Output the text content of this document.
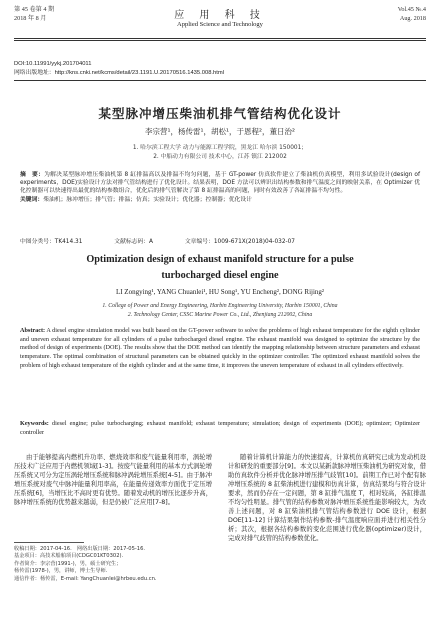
第 45 卷第 4 期
2018 年 8 月	应 用 科 技
Applied Science and Technology
Vol.45 №.4
Aug. 2018
DOI:10.11991/yykj.201704011
网络出版地址：http://kns.cnki.net/kcms/detail/23.1191.U.20170516.1435.008.html
某型脉冲增压柴油机排气管结构优化设计
李宗营¹，杨传雷¹，胡松¹，于恩程²，董日治²
1. 哈尔滨工程大学 动力与能源工程学院，黑龙江 哈尔滨 150001；
2. 中船动力有限公司 技术中心，江苏 镇江 212002
摘　要：为解决某型脉冲增压柴油机第 8 缸排温高以及排温不均匀问题，基于 GT-power 仿真软件建立了柴油机仿真模型，利用多试验设计(design of experiments，DOE)实验设计方法对排气管结构进行了优化设计。结果表明，DOE 方法可以辨识出结构参数和排气温度之间的映射关系，在 Optimizer 优化控制器可以快速得出最优的结构参数组合，优化后的排气管解决了第 8 缸排温高的问题，同时有效改善了各缸排温不均匀性。
关键词：柴油机；脉冲增压；排气管；排温；仿真；实验设计；优化器；控制器；优化设计
中图分类号：TK414.31	文献标志码：A	文章编号：1009-671X(2018)04-032-07
Optimization design of exhaust manifold structure for a pulse
turbocharged diesel engine
LI Zongying¹, YANG Chuanlei¹, HU Song¹, YU Encheng², DONG Rijing²
1. College of Power and Energy Engineering, Harbin Engineering University, Harbin 150001, China
2. Technology Center, CSSC Marine Power Co., Ltd., Zhenjiang 212002, China
Abstract: A diesel engine simulation model was built based on the GT-power software to solve the problems of high exhaust temperature for the eighth cylinder and uneven exhaust temperature for all cylinders of a pulse turbocharged diesel engine. The exhaust manifold was designed to optimize the structure by the method of design of experiments (DOE). The results show that the DOE method can identify the mapping relationship between structure parameters and exhaust temperature. The optimal combination of structural parameters can be obtained quickly in the optimizer controller. The optimized exhaust manifold solves the problem of high exhaust temperature of the eighth cylinder and at the same time, it improves the uneven temperature of exhaust in all cylinders effectively.
Keywords: diesel engine; pulse turbocharging; exhaust manifold; exhaust temperature; simulation; design of experiments (DOE); optimizer; Optimizer controller
由于能够提高内燃机升功率、燃烧效率和废气能量利用率，涡轮增压技术广泛应用于内燃机领域[1-3]。按废气能量利用的基本方式涡轮增压系统又可分为定压涡轮增压系统和脉冲涡轮增压系统[4-5]。由于脉冲增压系统对废气中脉冲能量利用率高，在能量传递效率方面优于定压增压系统[6]，当增压比不高时更有优势。随着发动机的增压比逐步升高，脉冲增压系统的优势越来越弱，但是仍被广泛应用[7-8]。
随着计算机计算能力的快速提高，计算机仿真研究已成为发动机设计和研发的重要部分[9]。本文以某新款脉冲增压柴油机为研究对象，借助仿真软件分析并优化脉冲增压排气歧管[10]。前期工作已对个配有脉冲增压系统的 8 缸柴油机进行建模和仿真计算，仿真结果均与符合设计要求，然而仍存在一定问题，第 8 缸排气温度 T，相对较高，各缸排温不均匀性明显。排气管的结构参数对脉冲增压系统性能影响较大，为改善上述问题，对 8 缸柴油机排气管结构参数进行 DOE 设计，根据 DOE[11-12] 计算结果制作结构参数-排气温度响应面并进行相关性分析；其次，根据各结构参数的变化范围进行优化器(optimizer)设计，完成对排气歧管的结构参数优化。
收稿日期：2017-04-16.　网络出版日期：2017-05-16.
基金项目：高技术船舶项目(CDGC01KT0302).
作者简介：李宗营(1991-)，男，硕士研究生；
杨传雷(1978-)，男，讲师，博士生导师.
通信作者：杨传雷，E-mail: YangChuanlei@hrbeu.edu.cn.
